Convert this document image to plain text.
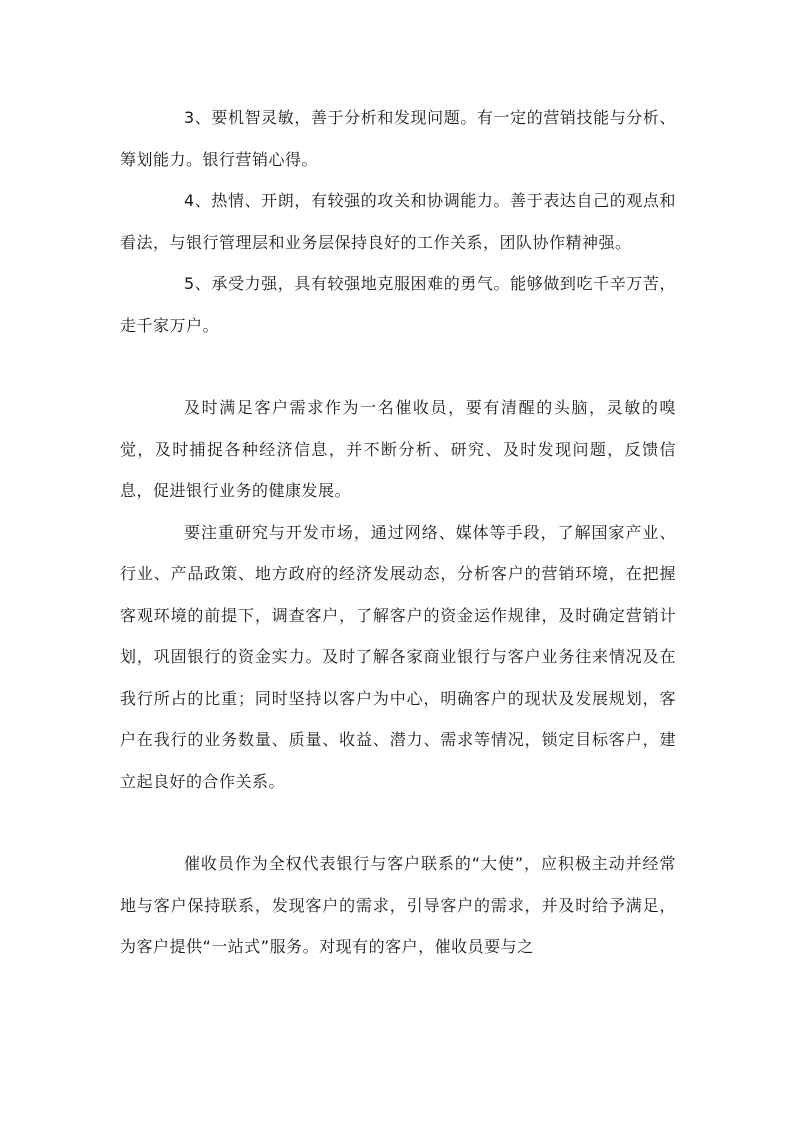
3、要机智灵敏，善于分析和发现问题。有一定的营销技能与分析、筹划能力。银行营销心得。

4、热情、开朗，有较强的攻关和协调能力。善于表达自己的观点和看法，与银行管理层和业务层保持良好的工作关系，团队协作精神强。

5、承受力强，具有较强地克服困难的勇气。能够做到吃千辛万苦，走千家万户。

及时满足客户需求作为一名催收员，要有清醒的头脑，灵敏的嗅觉，及时捕捉各种经济信息，并不断分析、研究、及时发现问题，反馈信息，促进银行业务的健康发展。

要注重研究与开发市场，通过网络、媒体等手段，了解国家产业、行业、产品政策、地方政府的经济发展动态，分析客户的营销环境，在把握客观环境的前提下，调查客户，了解客户的资金运作规律，及时确定营销计划，巩固银行的资金实力。及时了解各家商业银行与客户业务往来情况及在我行所占的比重；同时坚持以客户为中心，明确客户的现状及发展规划，客户在我行的业务数量、质量、收益、潜力、需求等情况，锁定目标客户，建立起良好的合作关系。

催收员作为全权代表银行与客户联系的“大使”，应积极主动并经常地与客户保持联系，发现客户的需求，引导客户的需求，并及时给予满足，为客户提供“一站式”服务。对现有的客户，催收员要与之
